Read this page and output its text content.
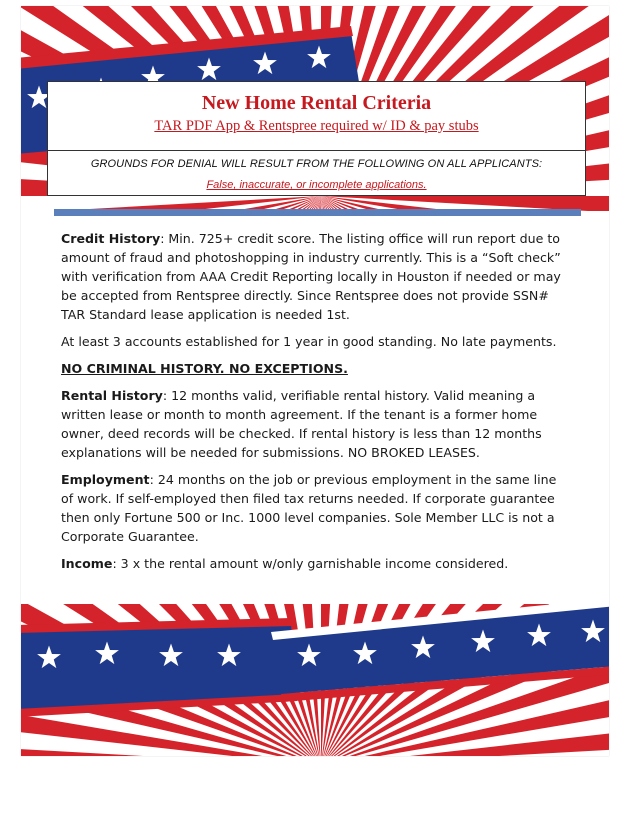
New Home Rental Criteria
TAR PDF App & Rentspree required w/ ID & pay stubs
GROUNDS FOR DENIAL WILL RESULT FROM THE FOLLOWING ON ALL APPLICANTS:
False, inaccurate, or incomplete applications.

Credit History: Min. 725+ credit score. The listing office will run report due to amount of fraud and photoshopping in industry currently. This is a “Soft check” with verification from AAA Credit Reporting locally in Houston if needed or may be accepted from Rentspree directly. Since Rentspree does not provide SSN# TAR Standard lease application is needed 1st.

At least 3 accounts established for 1 year in good standing. No late payments.

NO CRIMINAL HISTORY. NO EXCEPTIONS.

Rental History: 12 months valid, verifiable rental history. Valid meaning a written lease or month to month agreement. If the tenant is a former home owner, deed records will be checked. If rental history is less than 12 months explanations will be needed for submissions. NO BROKED LEASES.

Employment: 24 months on the job or previous employment in the same line of work. If self-employed then filed tax returns needed. If corporate guarantee then only Fortune 500 or Inc. 1000 level companies. Sole Member LLC is not a Corporate Guarantee.

Income: 3 x the rental amount w/only garnishable income considered.
